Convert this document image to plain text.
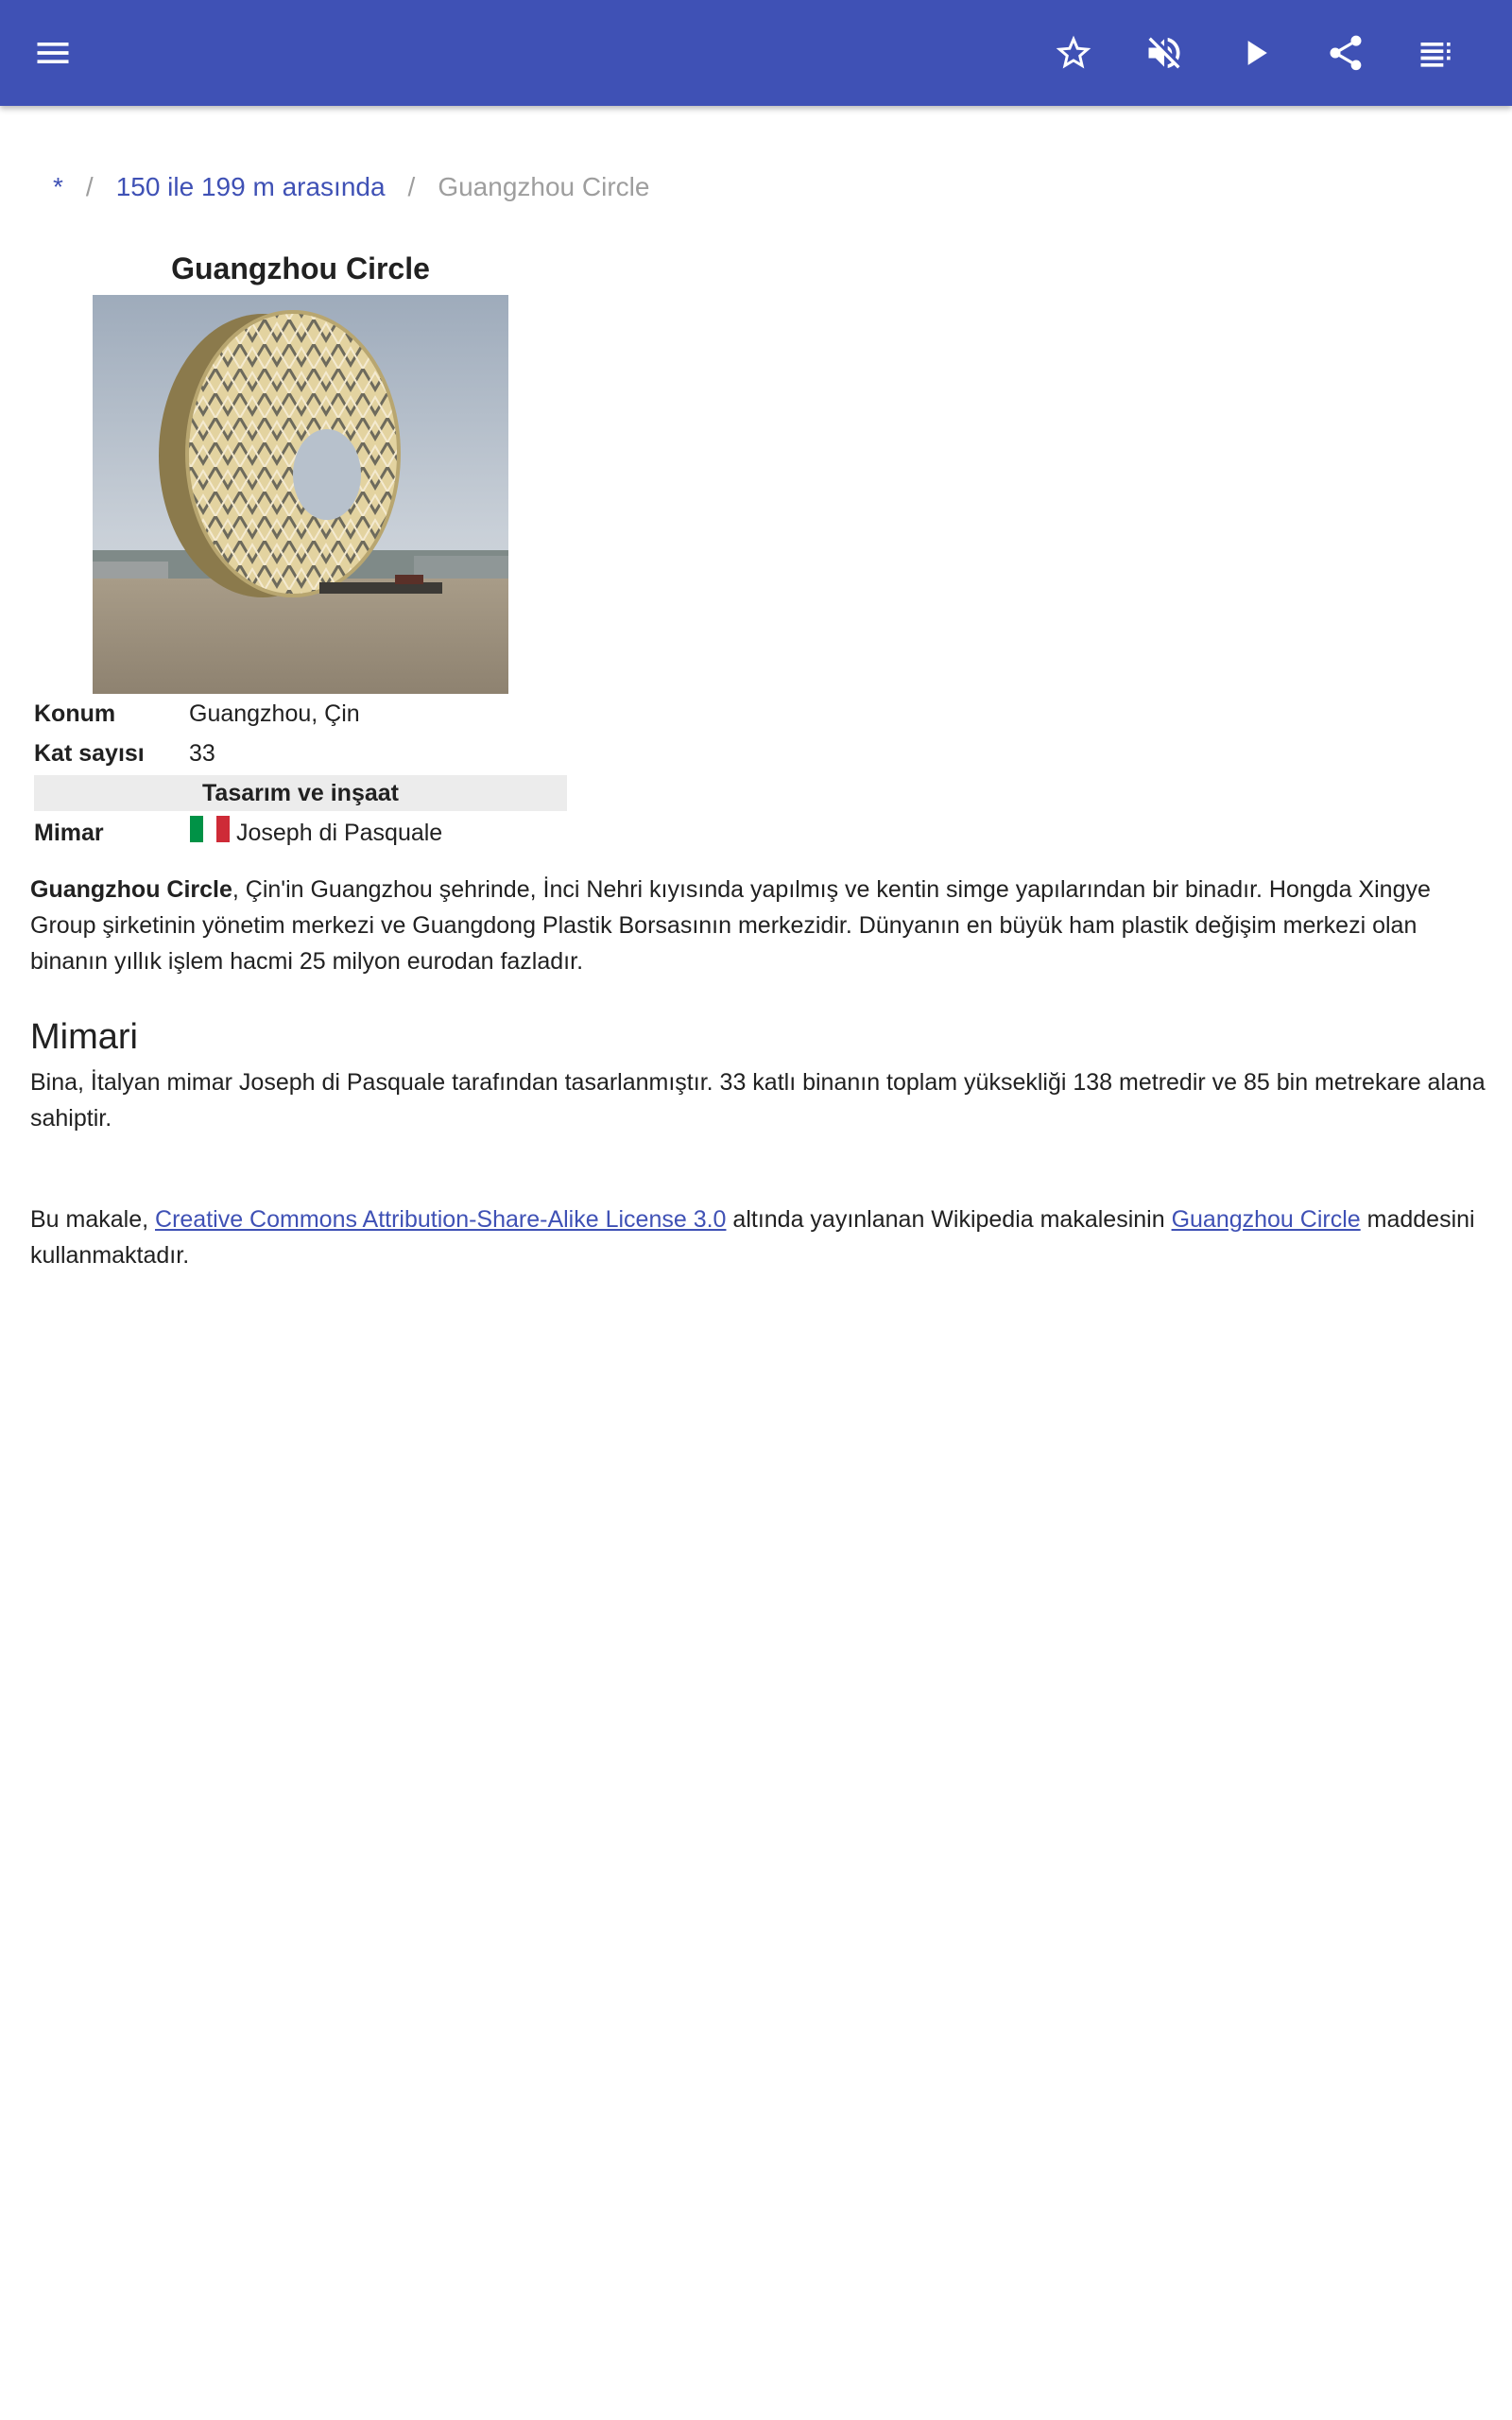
* / 150 ile 199 m arasında / Guangzhou Circle
Guangzhou Circle
Konum	Guangzhou, Çin
Kat sayısı	33
Tasarım ve inşaat
Mimar	Joseph di Pasquale

Guangzhou Circle, Çin'in Guangzhou şehrinde, İnci Nehri kıyısında yapılmış ve kentin simge yapılarından bir binadır. Hongda Xingye Group şirketinin yönetim merkezi ve Guangdong Plastik Borsasının merkezidir. Dünyanın en büyük ham plastik değişim merkezi olan binanın yıllık işlem hacmi 25 milyon eurodan fazladır.

Mimari

Bina, İtalyan mimar Joseph di Pasquale tarafından tasarlanmıştır. 33 katlı binanın toplam yüksekliği 138 metredir ve 85 bin metrekare alana sahiptir.

Bu makale, Creative Commons Attribution-Share-Alike License 3.0 altında yayınlanan Wikipedia makalesinin Guangzhou Circle maddesini kullanmaktadır.
